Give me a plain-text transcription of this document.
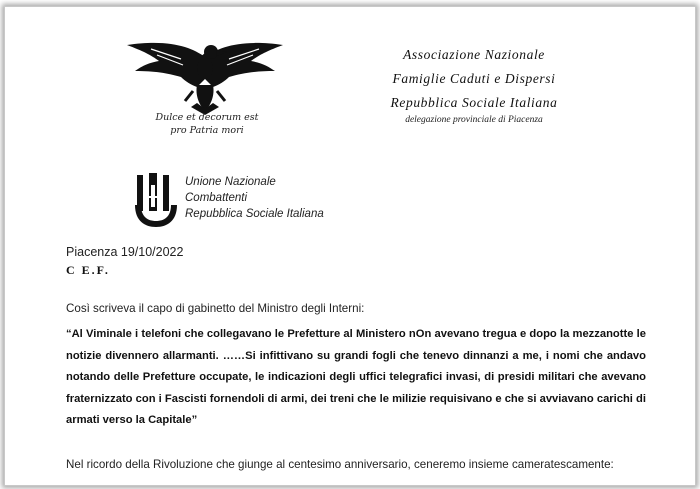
Dulce et decorum est
pro Patria mori
Associazione Nazionale
Famiglie Caduti e Dispersi
Repubblica Sociale Italiana
delegazione provinciale di Piacenza
Unione Nazionale
Combattenti
Repubblica Sociale Italiana
Piacenza 19/10/2022
C E.F.
Così scriveva il capo di gabinetto del Ministro degli Interni:
“Al Viminale i telefoni che collegavano le Prefetture al Ministero nOn avevano tregua e dopo la mezzanotte le notizie divennero allarmanti. ……Si infittivano su grandi fogli che tenevo dinnanzi a me, i nomi che andavo notando delle Prefetture occupate, le indicazioni degli uffici telegrafici invasi, di presidi militari che avevano fraternizzato con i Fascisti fornendoli di armi, dei treni che le milizie requisivano e che si avviavano carichi di armati verso la Capitale”
Nel ricordo della Rivoluzione che giunge al centesimo anniversario, ceneremo insieme cameratescamente:
